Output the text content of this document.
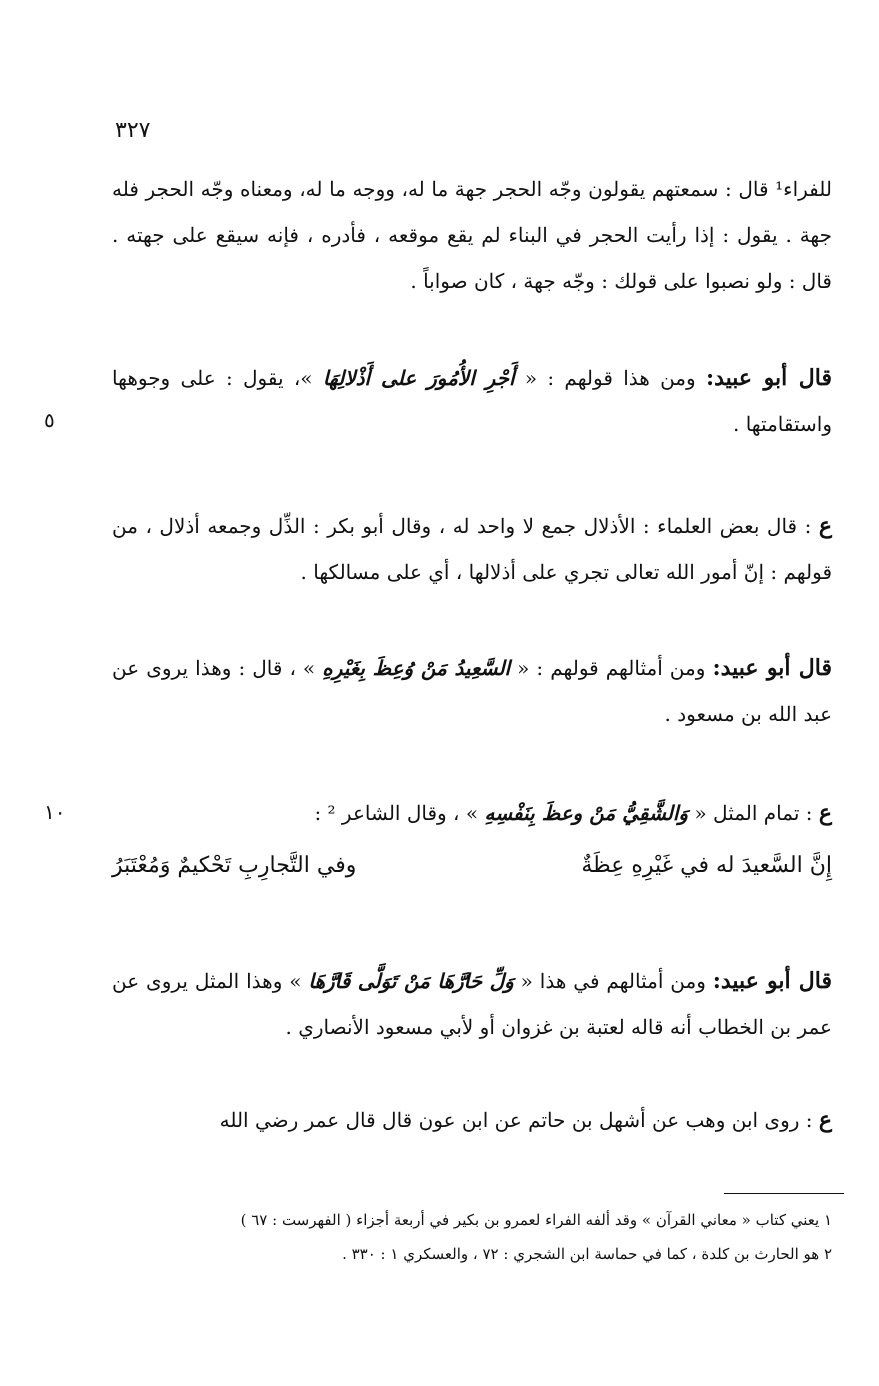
٣٢٧
٥
١٠
للفراء¹ قال : سمعتهم يقولون وجّه الحجر جهة ما له، ووجه ما له، ومعناه وجّه الحجر فله جهة . يقول : إذا رأيت الحجر في البناء لم يقع موقعه ، فأدره ، فإنه سيقع على جهته . قال : ولو نصبوا على قولك : وجّه جهة ، كان صواباً .
قال أبو عبيد: ومن هذا قولهم : « أَجْرِ الأُمُورَ على أَذْلالِهَا »، يقول : على وجوهها واستقامتها .
ع : قال بعض العلماء : الأذلال جمع لا واحد له ، وقال أبو بكر : الذِّل وجمعه أذلال ، من قولهم : إنّ أمور الله تعالى تجري على أذلالها ، أي على مسالكها .
قال أبو عبيد: ومن أمثالهم قولهم : « السَّعِيدُ مَنْ وُعِظَ بِغَيْرِهِ » ، قال : وهذا يروى عن عبد الله بن مسعود .
ع : تمام المثل « وَالشَّقِيُّ مَنْ وعظَ بِنَفْسِهِ » ، وقال الشاعر ² :
إِنَّ السَّعيدَ له في غَيْرِهِ عِظَةٌ
وفي التَّجارِبِ تَحْكيمٌ وَمُعْتَبَرُ
قال أبو عبيد: ومن أمثالهم في هذا « وَلِّ حَارَّهَا مَنْ تَوَلَّى قَارَّهَا » وهذا المثل يروى عن عمر بن الخطاب أنه قاله لعتبة بن غزوان أو لأبي مسعود الأنصاري .
ع : روى ابن وهب عن أشهل بن حاتم عن ابن عون قال قال عمر رضي الله
١ يعني كتاب « معاني القرآن » وقد ألفه الفراء لعمرو بن بكير في أربعة أجزاء ( الفهرست : ٦٧ )
٢ هو الحارث بن كلدة ، كما في حماسة ابن الشجري : ٧٢ ، والعسكري ١ : ٣٣٠ .
